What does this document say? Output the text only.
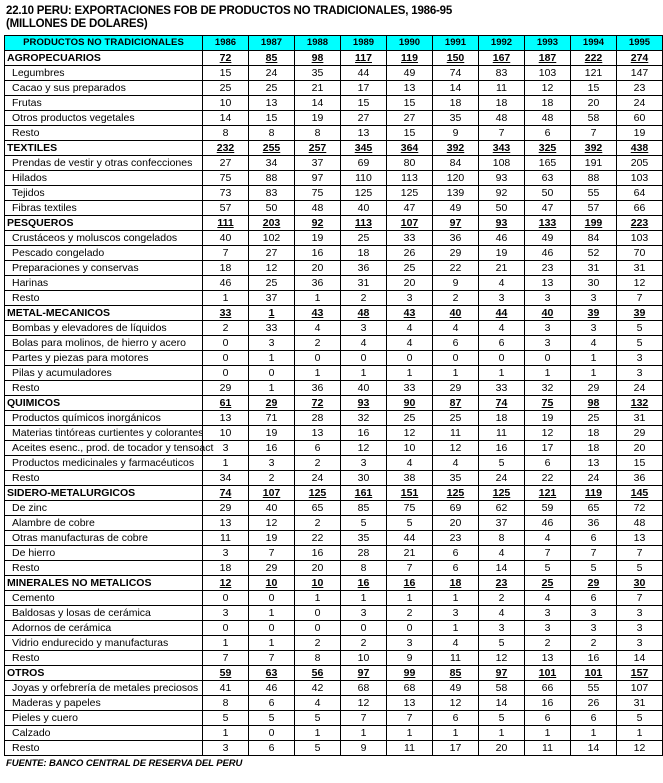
22.10 PERU: EXPORTACIONES FOB DE PRODUCTOS NO TRADICIONALES, 1986-95
(MILLONES DE DOLARES)
PRODUCTOS NO TRADICIONALES	1986	1987	1988	1989	1990	1991	1992	1993	1994	1995
AGROPECUARIOS	72	85	98	117	119	150	167	187	222	274
Legumbres	15	24	35	44	49	74	83	103	121	147
Cacao y sus preparados	25	25	21	17	13	14	11	12	15	23
Frutas	10	13	14	15	15	18	18	18	20	24
Otros productos vegetales	14	15	19	27	27	35	48	48	58	60
Resto	8	8	8	13	15	9	7	6	7	19
TEXTILES	232	255	257	345	364	392	343	325	392	438
Prendas de vestir y otras confecciones	27	34	37	69	80	84	108	165	191	205
Hilados	75	88	97	110	113	120	93	63	88	103
Tejidos	73	83	75	125	125	139	92	50	55	64
Fibras textiles	57	50	48	40	47	49	50	47	57	66
PESQUEROS	111	203	92	113	107	97	93	133	199	223
Crustáceos y moluscos congelados	40	102	19	25	33	36	46	49	84	103
Pescado congelado	7	27	16	18	26	29	19	46	52	70
Preparaciones y conservas	18	12	20	36	25	22	21	23	31	31
Harinas	46	25	36	31	20	9	4	13	30	12
Resto	1	37	1	2	3	2	3	3	3	7
METAL-MECANICOS	33	1	43	48	43	40	44	40	39	39
Bombas y elevadores de líquidos	2	33	4	3	4	4	4	3	3	5
Bolas para molinos, de hierro y acero	0	3	2	4	4	6	6	3	4	5
Partes y piezas para motores	0	1	0	0	0	0	0	0	1	3
Pilas y acumuladores	0	0	1	1	1	1	1	1	1	3
Resto	29	1	36	40	33	29	33	32	29	24
QUIMICOS	61	29	72	93	90	87	74	75	98	132
Productos químicos inorgánicos	13	71	28	32	25	25	18	19	25	31
Materias tintóreas curtientes y colorantes	10	19	13	16	12	11	11	12	18	29
Aceites esenc., prod. de tocador y tensoact	3	16	6	12	10	12	16	17	18	20
Productos medicinales y farmacéuticos	1	3	2	3	4	4	5	6	13	15
Resto	34	2	24	30	38	35	24	22	24	36
SIDERO-METALURGICOS	74	107	125	161	151	125	125	121	119	145
De zinc	29	40	65	85	75	69	62	59	65	72
Alambre de cobre	13	12	2	5	5	20	37	46	36	48
Otras manufacturas de cobre	11	19	22	35	44	23	8	4	6	13
De hierro	3	7	16	28	21	6	4	7	7	7
Resto	18	29	20	8	7	6	14	5	5	5
MINERALES NO METALICOS	12	10	10	16	16	18	23	25	29	30
Cemento	0	0	1	1	1	1	2	4	6	7
Baldosas y losas de cerámica	3	1	0	3	2	3	4	3	3	3
Adornos de cerámica	0	0	0	0	0	1	3	3	3	3
Vidrio endurecido y manufacturas	1	1	2	2	3	4	5	2	2	3
Resto	7	7	8	10	9	11	12	13	16	14
OTROS	59	63	56	97	99	85	97	101	101	157
Joyas y orfebrería de metales preciosos	41	46	42	68	68	49	58	66	55	107
Maderas y papeles	8	6	4	12	13	12	14	16	26	31
Pieles y cuero	5	5	5	7	7	6	5	6	6	5
Calzado	1	0	1	1	1	1	1	1	1	1
Resto	3	6	5	9	11	17	20	11	14	12
FUENTE: BANCO CENTRAL DE RESERVA DEL PERU
